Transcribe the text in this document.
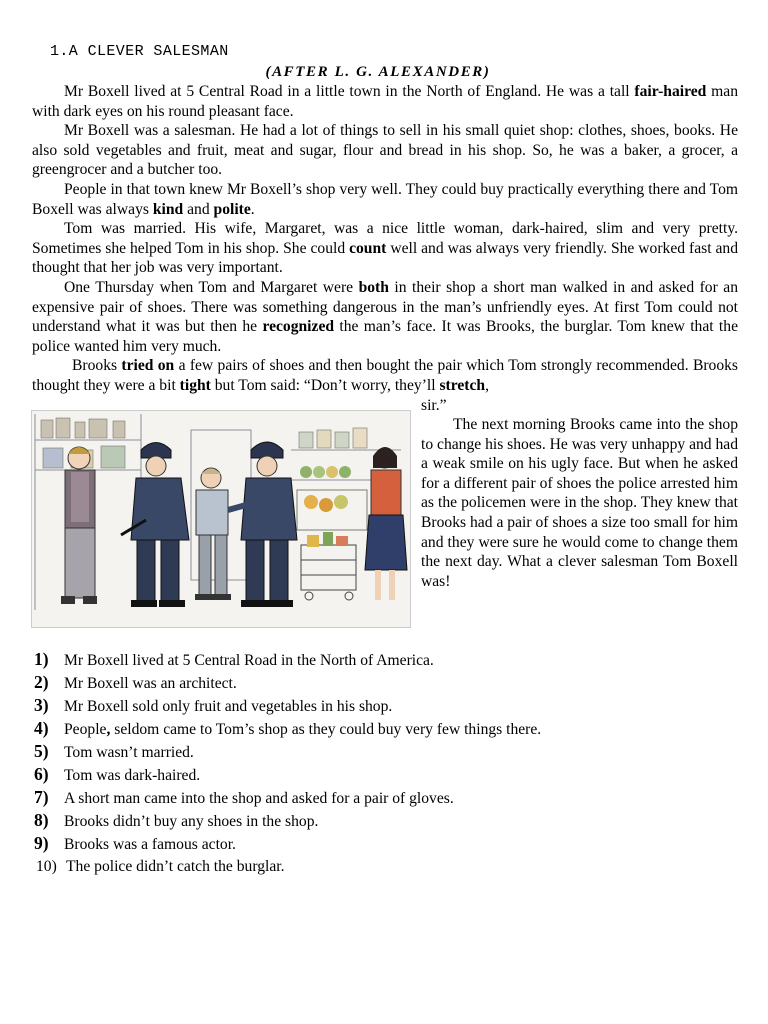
1.A CLEVER SALESMAN
(AFTER L. G. ALEXANDER)

Mr Boxell lived at 5 Central Road in a little town in the North of England. He was a tall fair-haired man with dark eyes on his round pleasant face.

Mr Boxell was a salesman. He had a lot of things to sell in his small quiet shop: clothes, shoes, books. He also sold vegetables and fruit, meat and sugar, flour and bread in his shop. So, he was a baker, a grocer, a greengrocer and a butcher too.

People in that town knew Mr Boxell’s shop very well. They could buy practically everything there and Tom Boxell was always kind and polite.

Tom was married. His wife, Margaret, was a nice little woman, dark-haired, slim and very pretty. Sometimes she helped Tom in his shop. She could count well and was always very friendly. She worked fast and thought that her job was very important.

One Thursday when Tom and Margaret were both in their shop a short man walked in and asked for an expensive pair of shoes. There was something dangerous in the man’s unfriendly eyes. At first Tom could not understand what it was but then he recognized the man’s face. It was Brooks, the burglar. Tom knew that the police wanted him very much.

Brooks tried on a few pairs of shoes and then bought the pair which Tom strongly recommended. Brooks thought they were a bit tight but Tom said: “Don’t worry, they’ll stretch,

sir.”

The next morning Brooks came into the shop to change his shoes. He was very unhappy and had a weak smile on his ugly face. But when he asked for a different pair of shoes the police arrested him as the policemen were in the shop. They knew that Brooks had a pair of shoes a size too small for him and they were sure he would come to change them the next day. What a clever salesman Tom Boxell was!

1) Mr Boxell lived at 5 Central Road in the North of America.
2) Mr Boxell was an architect.
3) Mr Boxell sold only fruit and vegetables in his shop.
4) People, seldom came to Tom’s shop as they could buy very few things there.
5) Tom wasn’t married.
6) Tom was dark-haired.
7) A short man came into the shop and asked for a pair of gloves.
8) Brooks didn’t buy any shoes in the shop.
9) Brooks was a famous actor.
10) The police didn’t catch the burglar.
